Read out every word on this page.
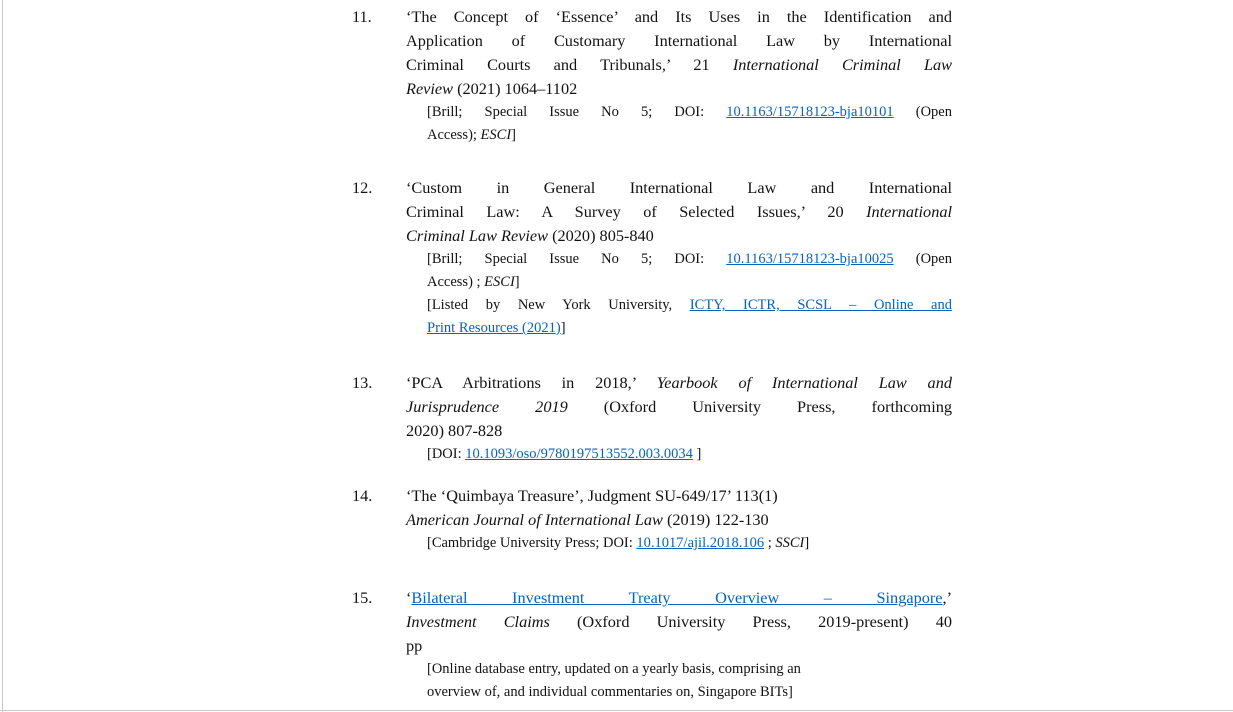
11. ‘The Concept of ‘Essence’ and Its Uses in the Identification and
Application of Customary International Law by International
Criminal Courts and Tribunals,’ 21 International Criminal Law
Review (2021) 1064–1102
[Brill; Special Issue No 5; DOI: 10.1163/15718123-bja10101 (Open
Access); ESCI]
12. ‘Custom in General International Law and International
Criminal Law: A Survey of Selected Issues,’ 20 International
Criminal Law Review (2020) 805-840
[Brill; Special Issue No 5; DOI: 10.1163/15718123-bja10025 (Open
Access) ; ESCI]
[Listed by New York University, ICTY, ICTR, SCSL – Online and
Print Resources (2021)]
13. ‘PCA Arbitrations in 2018,’ Yearbook of International Law and
Jurisprudence 2019 (Oxford University Press, forthcoming
2020) 807-828
[DOI: 10.1093/oso/9780197513552.003.0034 ]
14. ‘The ‘Quimbaya Treasure’, Judgment SU-649/17’ 113(1)
American Journal of International Law (2019) 122-130
[Cambridge University Press; DOI: 10.1017/ajil.2018.106 ; SSCI]
15. ‘Bilateral Investment Treaty Overview – Singapore,’
Investment Claims (Oxford University Press, 2019-present) 40
pp
[Online database entry, updated on a yearly basis, comprising an
overview of, and individual commentaries on, Singapore BITs]
